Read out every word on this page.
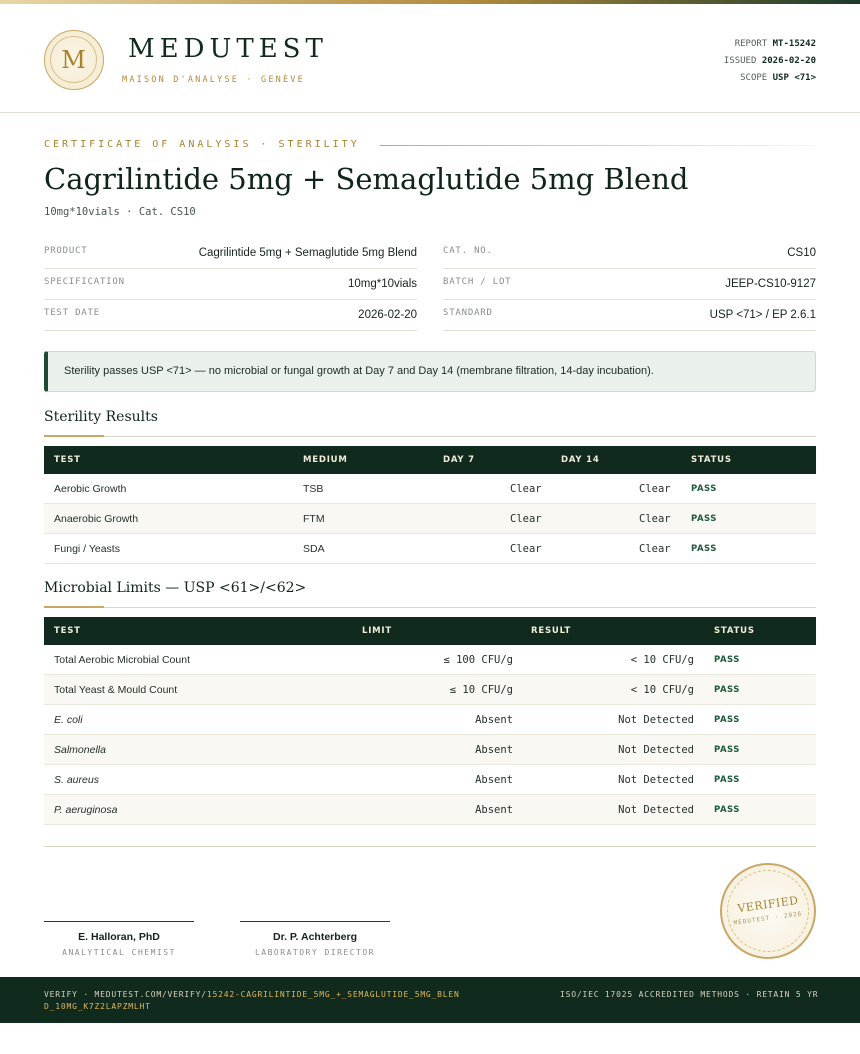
M	MEDUTEST
MAISON D'ANALYSE · GENÈVE
REPORT MT-15242
ISSUED 2026-02-20
SCOPE USP <71>
CERTIFICATE OF ANALYSIS · STERILITY
Cagrilintide 5mg + Semaglutide 5mg Blend
10mg*10vials · Cat. CS10
PRODUCT	Cagrilintide 5mg + Semaglutide 5mg Blend
SPECIFICATION	10mg*10vials
TEST DATE	2026-02-20
CAT. NO.	CS10
BATCH / LOT	JEEP-CS10-9127
STANDARD	USP <71> / EP 2.6.1
Sterility passes USP <71> — no microbial or fungal growth at Day 7 and Day 14 (membrane filtration, 14-day incubation).
Sterility Results
TEST	MEDIUM	DAY 7	DAY 14	STATUS
Aerobic Growth	TSB	Clear	Clear PASS
Anaerobic Growth	FTM	Clear	Clear PASS
Fungi / Yeasts	SDA	Clear	Clear PASS
Microbial Limits — USP <61>/<62>
TEST	LIMIT	RESULT	STATUS
Total Aerobic Microbial Count	≤ 100 CFU/g	< 10 CFU/g PASS
Total Yeast & Mould Count	≤ 10 CFU/g	< 10 CFU/g PASS
E. coli	Absent	Not Detected PASS
Salmonella	Absent	Not Detected PASS
S. aureus	Absent	Not Detected PASS
P. aeruginosa	Absent	Not Detected PASS
E. Halloran, PhD
ANALYTICAL CHEMIST
Dr. P. Achterberg
LABORATORY DIRECTOR
VERIFIED
MEDUTEST · 2026
VERIFY · MEDUTEST.COM/VERIFY/15242-CAGRILINTIDE_5MG_+_SEMAGLUTIDE_5MG_BLEND_10MG_K7Z2LAPZMLHT
ISO/IEC 17025 ACCREDITED METHODS · RETAIN 5 YR
